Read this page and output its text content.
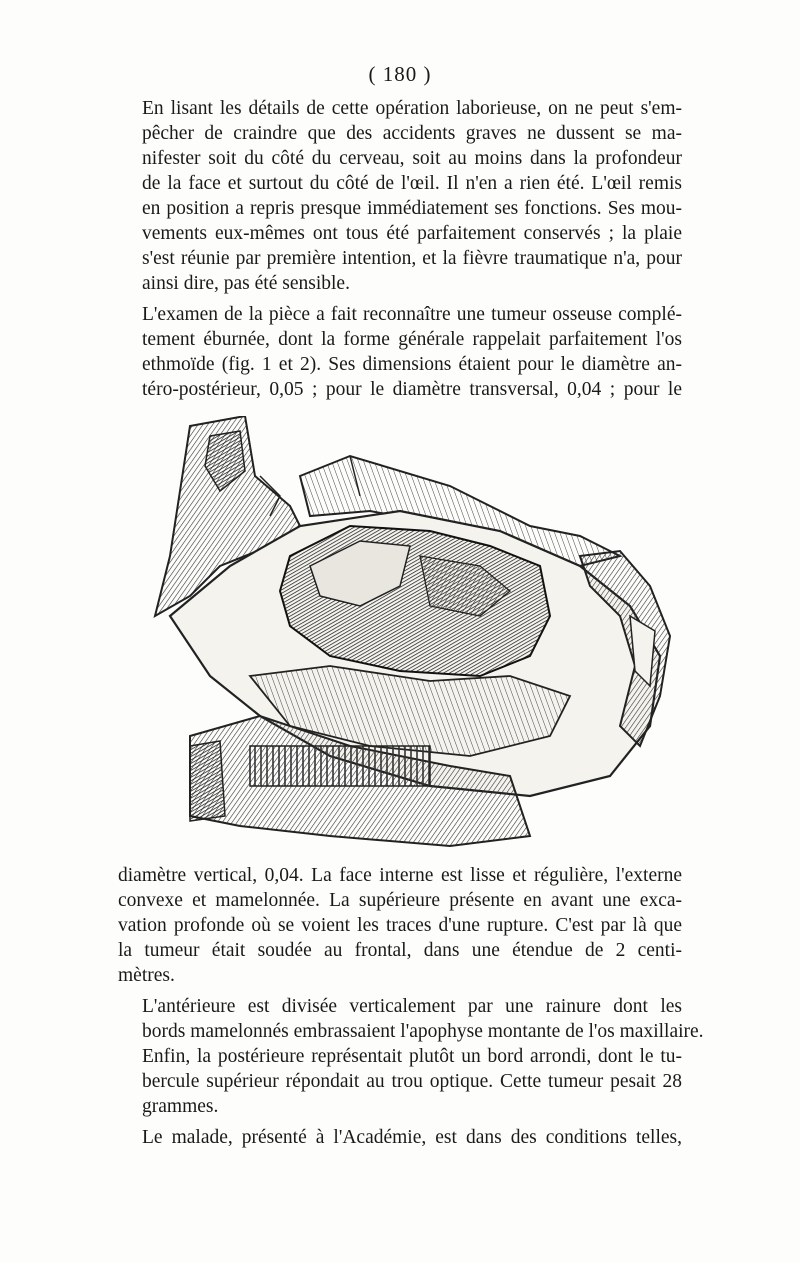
( 180 )
En lisant les détails de cette opération laborieuse, on ne peut s'em-
pêcher de craindre que des accidents graves ne dussent se ma-
nifester soit du côté du cerveau, soit au moins dans la profondeur
de la face et surtout du côté de l'œil. Il n'en a rien été. L'œil remis
en position a repris presque immédiatement ses fonctions. Ses mou-
vements eux-mêmes ont tous été parfaitement conservés ; la plaie
s'est réunie par première intention, et la fièvre traumatique n'a, pour
ainsi dire, pas été sensible.
L'examen de la pièce a fait reconnaître une tumeur osseuse complé-
tement éburnée, dont la forme générale rappelait parfaitement l'os
ethmoïde (fig. 1 et 2). Ses dimensions étaient pour le diamètre an-
téro-postérieur, 0,05 ; pour le diamètre transversal, 0,04 ; pour le
diamètre vertical, 0,04. La face interne est lisse et régulière, l'externe
convexe et mamelonnée. La supérieure présente en avant une exca-
vation profonde où se voient les traces d'une rupture. C'est par là que
la tumeur était soudée au frontal, dans une étendue de 2 centi-
mètres.
L'antérieure est divisée verticalement par une rainure dont les
bords mamelonnés embrassaient l'apophyse montante de l'os maxillaire.
Enfin, la postérieure représentait plutôt un bord arrondi, dont le tu-
bercule supérieur répondait au trou optique. Cette tumeur pesait 28
grammes.
Le malade, présenté à l'Académie, est dans des conditions telles,
